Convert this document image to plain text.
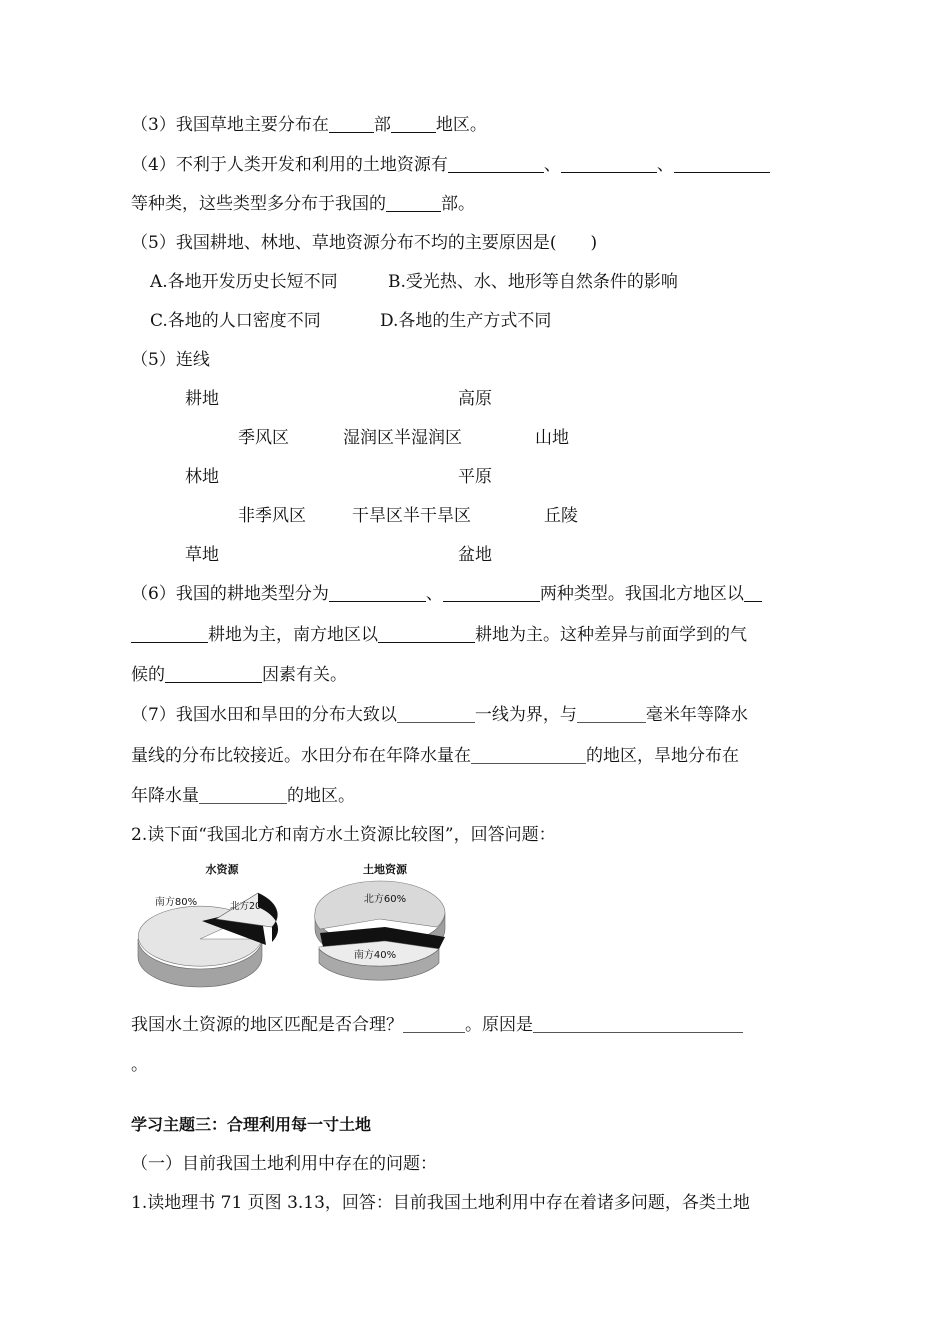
（3）我国草地主要分布在	部	地区。
（4）不利于人类开发和利用的土地资源有	、	、
等种类，这些类型多分布于我国的	部。
（5）我国耕地、林地、草地资源分布不均的主要原因是(　　)
A.各地开发历史长短不同	B.受光热、水、地形等自然条件的影响
C.各地的人口密度不同	D.各地的生产方式不同
（5）连线
耕地	高原
季风区	湿润区半湿润区	山地
林地	平原
非季风区	干旱区半干旱区	丘陵
草地	盆地
（6）我国的耕地类型分为	、	两种类型。我国北方地区以
耕地为主，南方地区以	耕地为主。这种差异与前面学到的气
候的	因素有关。
（7）我国水田和旱田的分布大致以	一线为界，与	毫米年等降水
量线的分布比较接近。水田分布在年降水量在	的地区，旱地分布在
年降水量	的地区。
2.读下面“我国北方和南方水土资源比较图”，回答问题：
水资源
南方80%	北方20%
土地资源
北方60%
南方40%
我国水土资源的地区匹配是否合理？	。原因是
。
学习主题三：合理利用每一寸土地
（一）目前我国土地利用中存在的问题：
1.读地理书 71 页图 3.13，回答：目前我国土地利用中存在着诸多问题，各类土地
